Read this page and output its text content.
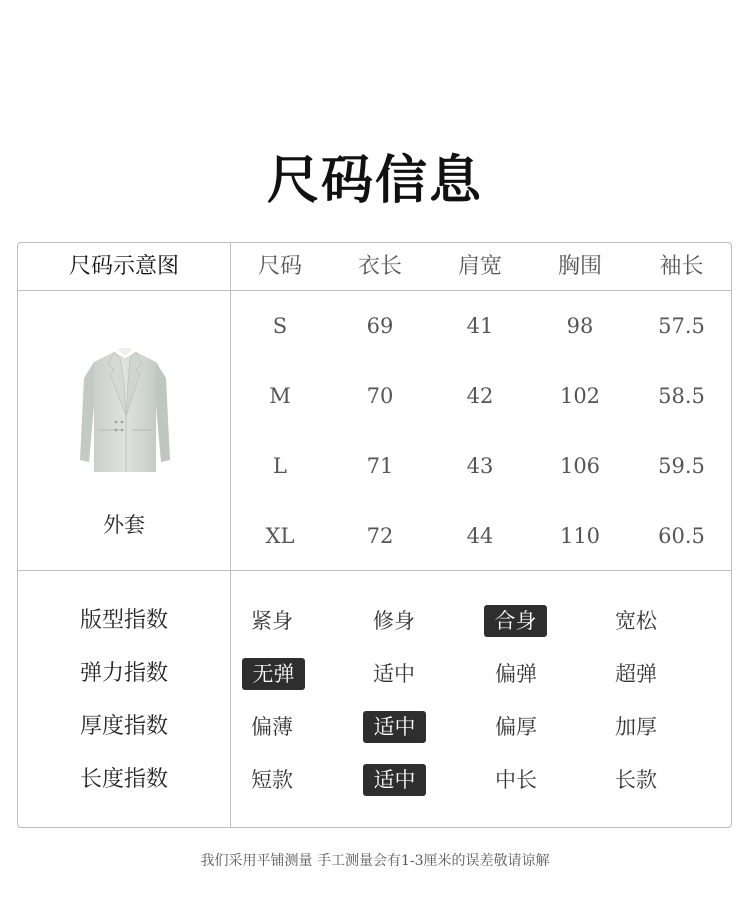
尺码信息
尺码示意图	尺码	衣长	肩宽	胸围	袖长
S	69	41	98	57.5
M	70	42	102	58.5
L	71	43	106	59.5
XL	72	44	110	60.5
外套
版型指数	紧身	修身	合身	宽松
弹力指数	无弹	适中	偏弹	超弹
厚度指数	偏薄	适中	偏厚	加厚
长度指数	短款	适中	中长	长款
我们采用平铺测量 手工测量会有1-3厘米的误差敬请谅解
